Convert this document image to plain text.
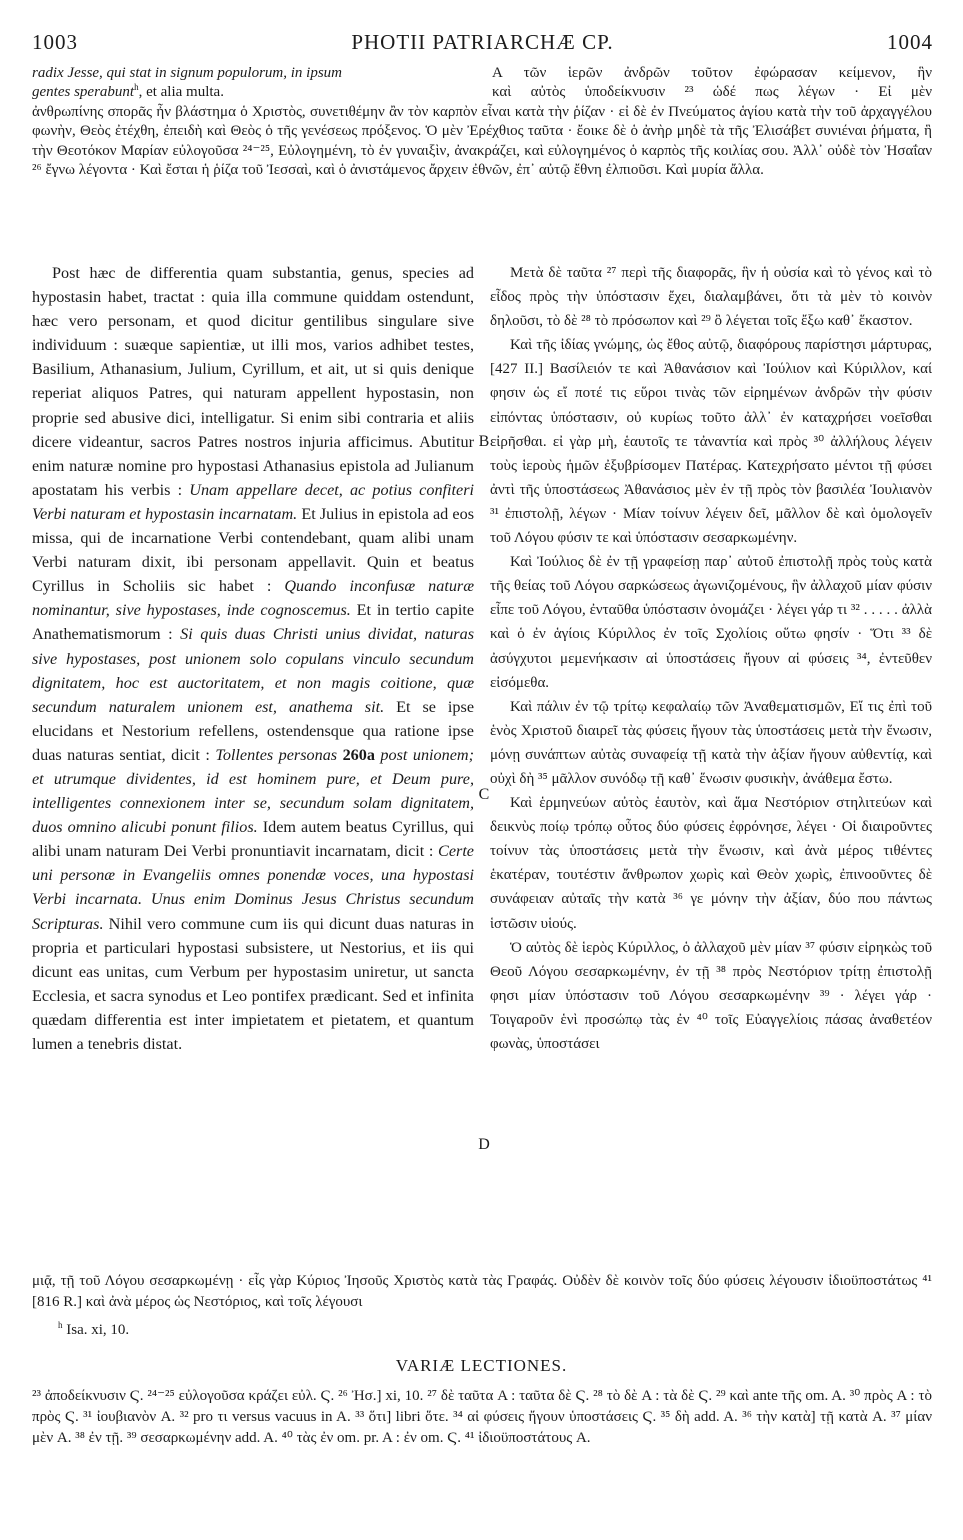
1003	PHOTII PATRIARCHÆ CP.	1004
radix Jesse, qui stat in signum populorum, in ipsum	A τῶν ἱερῶν ἀνδρῶν τοῦτον ἐφώρασαν κείμενον, ἣν
gentes sperabunt$^h$, et alia multa.	καὶ αὐτὸς ὑποδείκνυσιν ²³ ὡδέ πως λέγων · Εἰ μὲν
ἀνθρωπίνης σπορᾶς ἦν βλάστημα ὁ Χριστὸς, συνετιθέμην ἂν τὸν καρπὸν εἶναι κατὰ τὴν ῥίζαν · εἰ δὲ ἐν Πνεύματος ἁγίου κατὰ τὴν τοῦ ἀρχαγγέλου φωνὴν, Θεὸς ἐτέχθη, ἐπειδὴ καὶ Θεὸς ὁ τῆς γενέσεως πρόξενος. Ὁ μὲν Ἐρέχθιος ταῦτα · ἔοικε δὲ ὁ ἀνὴρ μηδὲ τὰ τῆς Ἐλισάβετ συνιέναι ῥήματα, ἣ τὴν Θεοτόκον Μαρίαν εὐλογοῦσα ²⁴⁻²⁵, Εὐλογημένη, τὸ ἐν γυναιξὶν, ἀνακράζει, καὶ εὐλογημένος ὁ καρπὸς τῆς κοιλίας σου. Ἀλλ᾽ οὐδὲ τὸν Ἠσαΐαν ²⁶ ἔγνω λέγοντα · Καὶ ἔσται ἡ ῥίζα τοῦ Ἰεσσαὶ, καὶ ὁ ἀνιστάμενος ἄρχειν ἐθνῶν, ἐπ᾽ αὐτῷ ἔθνη ἐλπιοῦσι. Καὶ μυρία ἄλλα.

Post hæc de differentia quam substantia, genus, species ad hypostasin habet, tractat : quia illa commune quiddam ostendunt, hæc vero personam, et quod dicitur gentilibus singulare sive individuum : suæque sapientiæ, ut illi mos, varios adhibet testes, Basilium, Athanasium, Julium, Cyrillum, et ait, ut si quis denique reperiat aliquos Patres, qui naturam appellent hypostasin, non proprie sed abusive dici, intelligatur. Si enim sibi contraria et aliis dicere videantur, sacros Patres nostros injuria afficimus. Abutitur enim naturæ nomine pro hypostasi Athanasius epistola ad Julianum apostatam his verbis : Unam appellare decet, ac potius confiteri Verbi naturam et hypostasin incarnatam. Et Julius in epistola ad eos missa, qui de incarnatione Verbi contendebant, quam alibi unam Verbi naturam dixit, ibi personam appellavit. Quin et beatus Cyrillus in Scholiis sic habet : Quando inconfusæ naturæ nominantur, sive hypostases, inde cognoscemus. Et in tertio capite Anathematismorum : Si quis duas Christi unius dividat, naturas sive hypostases, post unionem solo copulans vinculo secundum dignitatem, hoc est auctoritatem, et non magis coitione, quæ secundum naturalem unionem est, anathema sit. Et se ipse elucidans et Nestorium refellens, ostendensque qua ratione ipse duas naturas sentiat, dicit : Tollentes personas 260a post unionem; et utrumque dividentes, id est hominem pure, et Deum pure, intelligentes connexionem inter se, secundum solam dignitatem, duos omnino alicubi ponunt filios. Idem autem beatus Cyrillus, qui alibi unam naturam Dei Verbi pronuntiavit incarnatam, dicit : Certe uni personæ in Evangeliis omnes ponendæ voces, una hypostasi Verbi incarnata. Unus enim Dominus Jesus Christus secundum Scripturas. Nihil vero commune cum iis qui dicunt duas naturas in propria et particulari hypostasi subsistere, ut Nestorius, et iis qui dicunt eas unitas, cum Verbum per hypostasim uniretur, ut sancta Ecclesia, et sacra synodus et Leo pontifex prædicant. Sed et infinita quædam differentia est inter impietatem et pietatem, et quantum lumen a tenebris distat.

B
C
D

Μετὰ δὲ ταῦτα ²⁷ περὶ τῆς διαφορᾶς, ἣν ἡ οὐσία καὶ τὸ γένος καὶ τὸ εἶδος πρὸς τὴν ὑπόστασιν ἔχει, διαλαμβάνει, ὅτι τὰ μὲν τὸ κοινὸν δηλοῦσι, τὸ δὲ ²⁸ τὸ πρόσωπον καὶ ²⁹ ὃ λέγεται τοῖς ἔξω καθ᾽ ἕκαστον.

Καὶ τῆς ἰδίας γνώμης, ὡς ἔθος αὐτῷ, διαφόρους παρίστησι μάρτυρας, [427 II.] Βασίλειόν τε καὶ Ἀθανάσιον καὶ Ἰούλιον καὶ Κύριλλον, καί φησιν ὡς εἴ ποτέ τις εὕροι τινὰς τῶν εἰρημένων ἀνδρῶν τὴν φύσιν εἰπόντας ὑπόστασιν, οὐ κυρίως τοῦτο ἀλλ᾽ ἐν καταχρήσει νοεῖσθαι εἰρῆσθαι. εἰ γὰρ μὴ, ἑαυτοῖς τε τἀναντία καὶ πρὸς ³⁰ ἀλλήλους λέγειν τοὺς ἱεροὺς ἡμῶν ἐξυβρίσομεν Πατέρας. Κατεχρήσατο μέντοι τῇ φύσει ἀντὶ τῆς ὑποστάσεως Ἀθανάσιος μὲν ἐν τῇ πρὸς τὸν βασιλέα Ἰουλιανὸν ³¹ ἐπιστολῇ, λέγων · Μίαν τοίνυν λέγειν δεῖ, μᾶλλον δὲ καὶ ὁμολογεῖν τοῦ Λόγου φύσιν τε καὶ ὑπόστασιν σεσαρκωμένην.

Καὶ Ἰούλιος δὲ ἐν τῇ γραφείσῃ παρ᾽ αὐτοῦ ἐπιστολῇ πρὸς τοὺς κατὰ τῆς θείας τοῦ Λόγου σαρκώσεως ἀγωνιζομένους, ἣν ἀλλαχοῦ μίαν φύσιν εἶπε τοῦ Λόγου, ἐνταῦθα ὑπόστασιν ὀνομάζει · λέγει γάρ τι ³² . . . . . ἀλλὰ καὶ ὁ ἐν ἁγίοις Κύριλλος ἐν τοῖς Σχολίοις οὕτω φησίν · Ὅτι ³³ δὲ ἀσύγχυτοι μεμενήκασιν αἱ ὑποστάσεις ἤγουν αἱ φύσεις ³⁴, ἐντεῦθεν εἰσόμεθα.

Καὶ πάλιν ἐν τῷ τρίτῳ κεφαλαίῳ τῶν Ἀναθεματισμῶν, Εἴ τις ἐπὶ τοῦ ἑνὸς Χριστοῦ διαιρεῖ τὰς φύσεις ἤγουν τὰς ὑποστάσεις μετὰ τὴν ἕνωσιν, μόνῃ συνάπτων αὐτὰς συναφείᾳ τῇ κατὰ τὴν ἀξίαν ἤγουν αὐθεντίᾳ, καὶ οὐχὶ δὴ ³⁵ μᾶλλον συνόδῳ τῇ καθ᾽ ἕνωσιν φυσικὴν, ἀνάθεμα ἔστω.

Καὶ ἑρμηνεύων αὐτὸς ἑαυτὸν, καὶ ἅμα Νεστόριον στηλιτεύων καὶ δεικνὺς ποίῳ τρόπῳ οὗτος δύο φύσεις ἐφρόνησε, λέγει · Οἱ διαιροῦντες τοίνυν τὰς ὑποστάσεις μετὰ τὴν ἕνωσιν, καὶ ἀνὰ μέρος τιθέντες ἑκατέραν, τουτέστιν ἄνθρωπον χωρὶς καὶ Θεὸν χωρὶς, ἐπινοοῦντες δὲ συνάφειαν αὐταῖς τὴν κατὰ ³⁶ γε μόνην τὴν ἀξίαν, δύο που πάντως ἱστῶσιν υἱούς.

Ὁ αὐτὸς δὲ ἱερὸς Κύριλλος, ὁ ἀλλαχοῦ μὲν μίαν ³⁷ φύσιν εἰρηκὼς τοῦ Θεοῦ Λόγου σεσαρκωμένην, ἐν τῇ ³⁸ πρὸς Νεστόριον τρίτῃ ἐπιστολῇ φησι μίαν ὑπόστασιν τοῦ Λόγου σεσαρκωμένην ³⁹ · λέγει γάρ · Τοιγαροῦν ἑνὶ προσώπῳ τὰς ἐν ⁴⁰ τοῖς Εὐαγγελίοις πάσας ἀναθετέον φωνὰς, ὑποστάσει

μιᾷ, τῇ τοῦ Λόγου σεσαρκωμένῃ · εἷς γὰρ Κύριος Ἰησοῦς Χριστὸς κατὰ τὰς Γραφάς. Οὐδὲν δὲ κοινὸν τοῖς δύο φύσεις λέγουσιν ἰδιοϋποστάτως ⁴¹ [816 R.] καὶ ἀνὰ μέρος ὡς Νεστόριος, καὶ τοῖς λέγουσι
$^h$ Isa. xi, 10.
VARIÆ LECTIONES.
²³ ἀποδείκνυσιν Ϛ. ²⁴⁻²⁵ εὐλογοῦσα κράζει εὐλ. Ϛ. ²⁶ Ἠσ.] xi, 10. ²⁷ δὲ ταῦτα A : ταῦτα δὲ Ϛ. ²⁸ τὸ δὲ A : τὰ δὲ Ϛ. ²⁹ καὶ ante τῆς om. A. ³⁰ πρὸς A : τὸ πρὸς Ϛ. ³¹ ἰουβιανὸν A. ³² pro τι versus vacuus in A. ³³ ὅτι] libri ὅτε. ³⁴ αἱ φύσεις ἤγουν ὑποστάσεις Ϛ. ³⁵ δὴ add. A. ³⁶ τὴν κατὰ] τῇ κατὰ A. ³⁷ μίαν μὲν A. ³⁸ ἐν τῇ. ³⁹ σεσαρκωμένην add. A. ⁴⁰ τὰς ἐν om. pr. A : ἐν om. Ϛ. ⁴¹ ἰδιοϋποστάτους A.
